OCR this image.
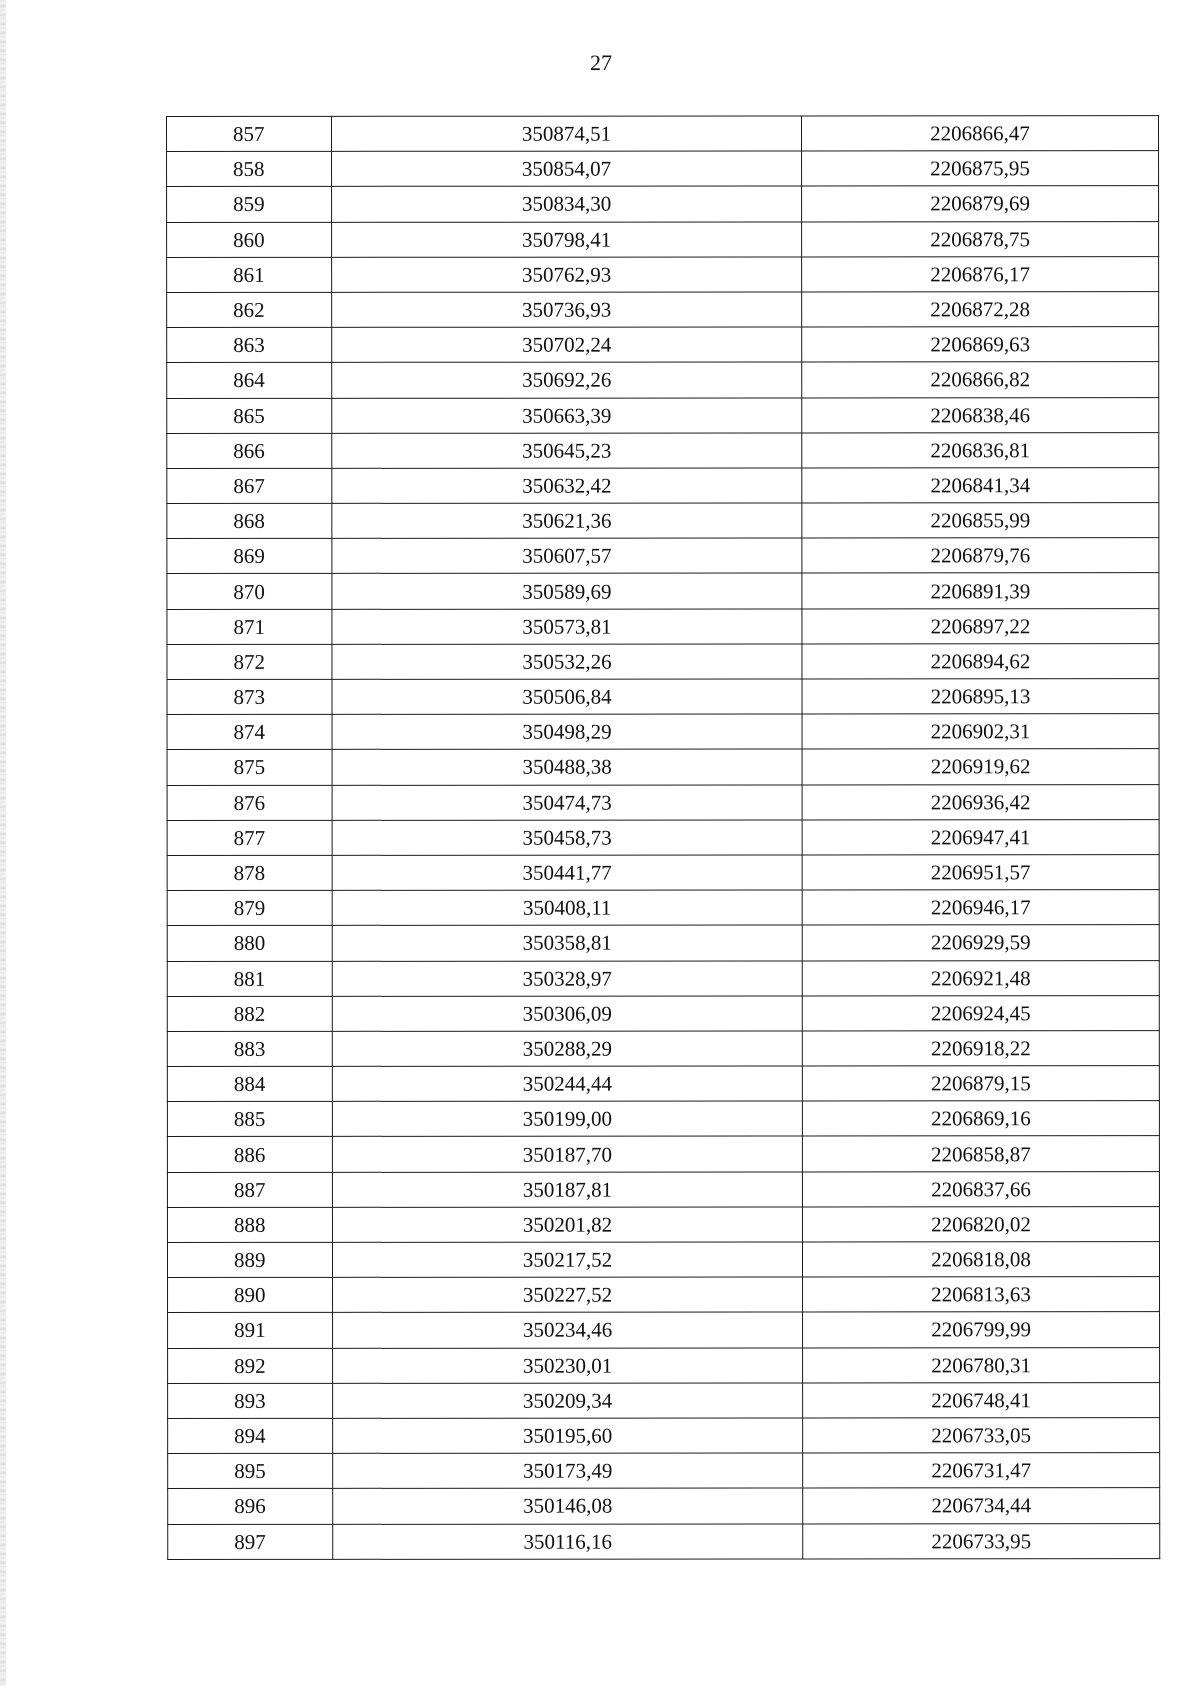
27
857	350874,51	2206866,47
858	350854,07	2206875,95
859	350834,30	2206879,69
860	350798,41	2206878,75
861	350762,93	2206876,17
862	350736,93	2206872,28
863	350702,24	2206869,63
864	350692,26	2206866,82
865	350663,39	2206838,46
866	350645,23	2206836,81
867	350632,42	2206841,34
868	350621,36	2206855,99
869	350607,57	2206879,76
870	350589,69	2206891,39
871	350573,81	2206897,22
872	350532,26	2206894,62
873	350506,84	2206895,13
874	350498,29	2206902,31
875	350488,38	2206919,62
876	350474,73	2206936,42
877	350458,73	2206947,41
878	350441,77	2206951,57
879	350408,11	2206946,17
880	350358,81	2206929,59
881	350328,97	2206921,48
882	350306,09	2206924,45
883	350288,29	2206918,22
884	350244,44	2206879,15
885	350199,00	2206869,16
886	350187,70	2206858,87
887	350187,81	2206837,66
888	350201,82	2206820,02
889	350217,52	2206818,08
890	350227,52	2206813,63
891	350234,46	2206799,99
892	350230,01	2206780,31
893	350209,34	2206748,41
894	350195,60	2206733,05
895	350173,49	2206731,47
896	350146,08	2206734,44
897	350116,16	2206733,95
